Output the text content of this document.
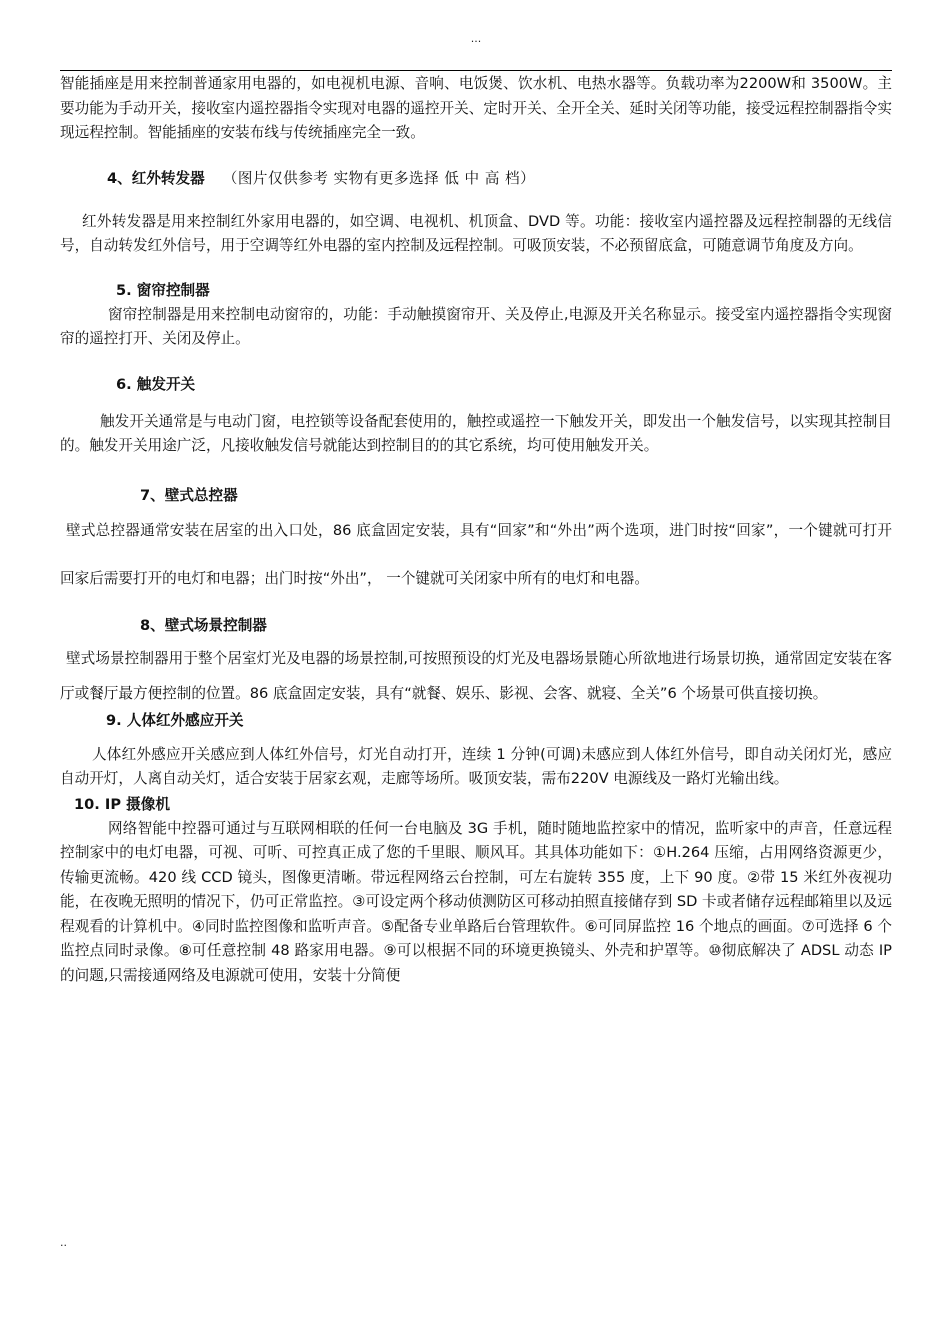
...

智能插座是用来控制普通家用电器的，如电视机电源、音响、电饭煲、饮水机、电热水器等。负载功率为2200W和 3500W。主要功能为手动开关，接收室内遥控器指令实现对电器的遥控开关、定时开关、全开全关、延时关闭等功能，接受远程控制器指令实现远程控制。智能插座的安装布线与传统插座完全一致。

4、红外转发器 （图片仅供参考 实物有更多选择 低 中 高 档）

红外转发器是用来控制红外家用电器的，如空调、电视机、机顶盒、DVD 等。功能：接收室内遥控器及远程控制器的无线信号，自动转发红外信号，用于空调等红外电器的室内控制及远程控制。可吸顶安装，不必预留底盒，可随意调节角度及方向。

5. 窗帘控制器

窗帘控制器是用来控制电动窗帘的，功能：手动触摸窗帘开、关及停止,电源及开关名称显示。接受室内遥控器指令实现窗帘的遥控打开、关闭及停止。

6. 触发开关

触发开关通常是与电动门窗，电控锁等设备配套使用的，触控或遥控一下触发开关，即发出一个触发信号，以实现其控制目的。触发开关用途广泛，凡接收触发信号就能达到控制目的的其它系统，均可使用触发开关。

7、壁式总控器

壁式总控器通常安装在居室的出入口处，86 底盒固定安装，具有“回家”和“外出”两个选项，进门时按“回家”，一个键就可打开回家后需要打开的电灯和电器；出门时按“外出”， 一个键就可关闭家中所有的电灯和电器。

8、壁式场景控制器

壁式场景控制器用于整个居室灯光及电器的场景控制,可按照预设的灯光及电器场景随心所欲地进行场景切换，通常固定安装在客厅或餐厅最方便控制的位置。86 底盒固定安装，具有“就餐、娱乐、影视、会客、就寝、全关”6 个场景可供直接切换。

9. 人体红外感应开关

人体红外感应开关感应到人体红外信号，灯光自动打开，连续 1 分钟(可调)未感应到人体红外信号，即自动关闭灯光，感应自动开灯，人离自动关灯，适合安装于居家玄观，走廊等场所。吸顶安装，需布220V 电源线及一路灯光输出线。

10. IP 摄像机

网络智能中控器可通过与互联网相联的任何一台电脑及 3G 手机，随时随地监控家中的情况，监听家中的声音，任意远程控制家中的电灯电器，可视、可听、可控真正成了您的千里眼、顺风耳。其具体功能如下：①H.264 压缩，占用网络资源更少，传输更流畅。420 线 CCD 镜头，图像更清晰。带远程网络云台控制，可左右旋转 355 度，上下 90 度。②带 15 米红外夜视功能，在夜晚无照明的情况下，仍可正常监控。③可设定两个移动侦测防区可移动拍照直接储存到 SD 卡或者储存远程邮箱里以及远程观看的计算机中。④同时监控图像和监听声音。⑤配备专业单路后台管理软件。⑥可同屏监控 16 个地点的画面。⑦可选择 6 个监控点同时录像。⑧可任意控制 48 路家用电器。⑨可以根据不同的环境更换镜头、外壳和护罩等。⑩彻底解决了 ADSL 动态 IP 的问题,只需接通网络及电源就可使用，安装十分简便

..
